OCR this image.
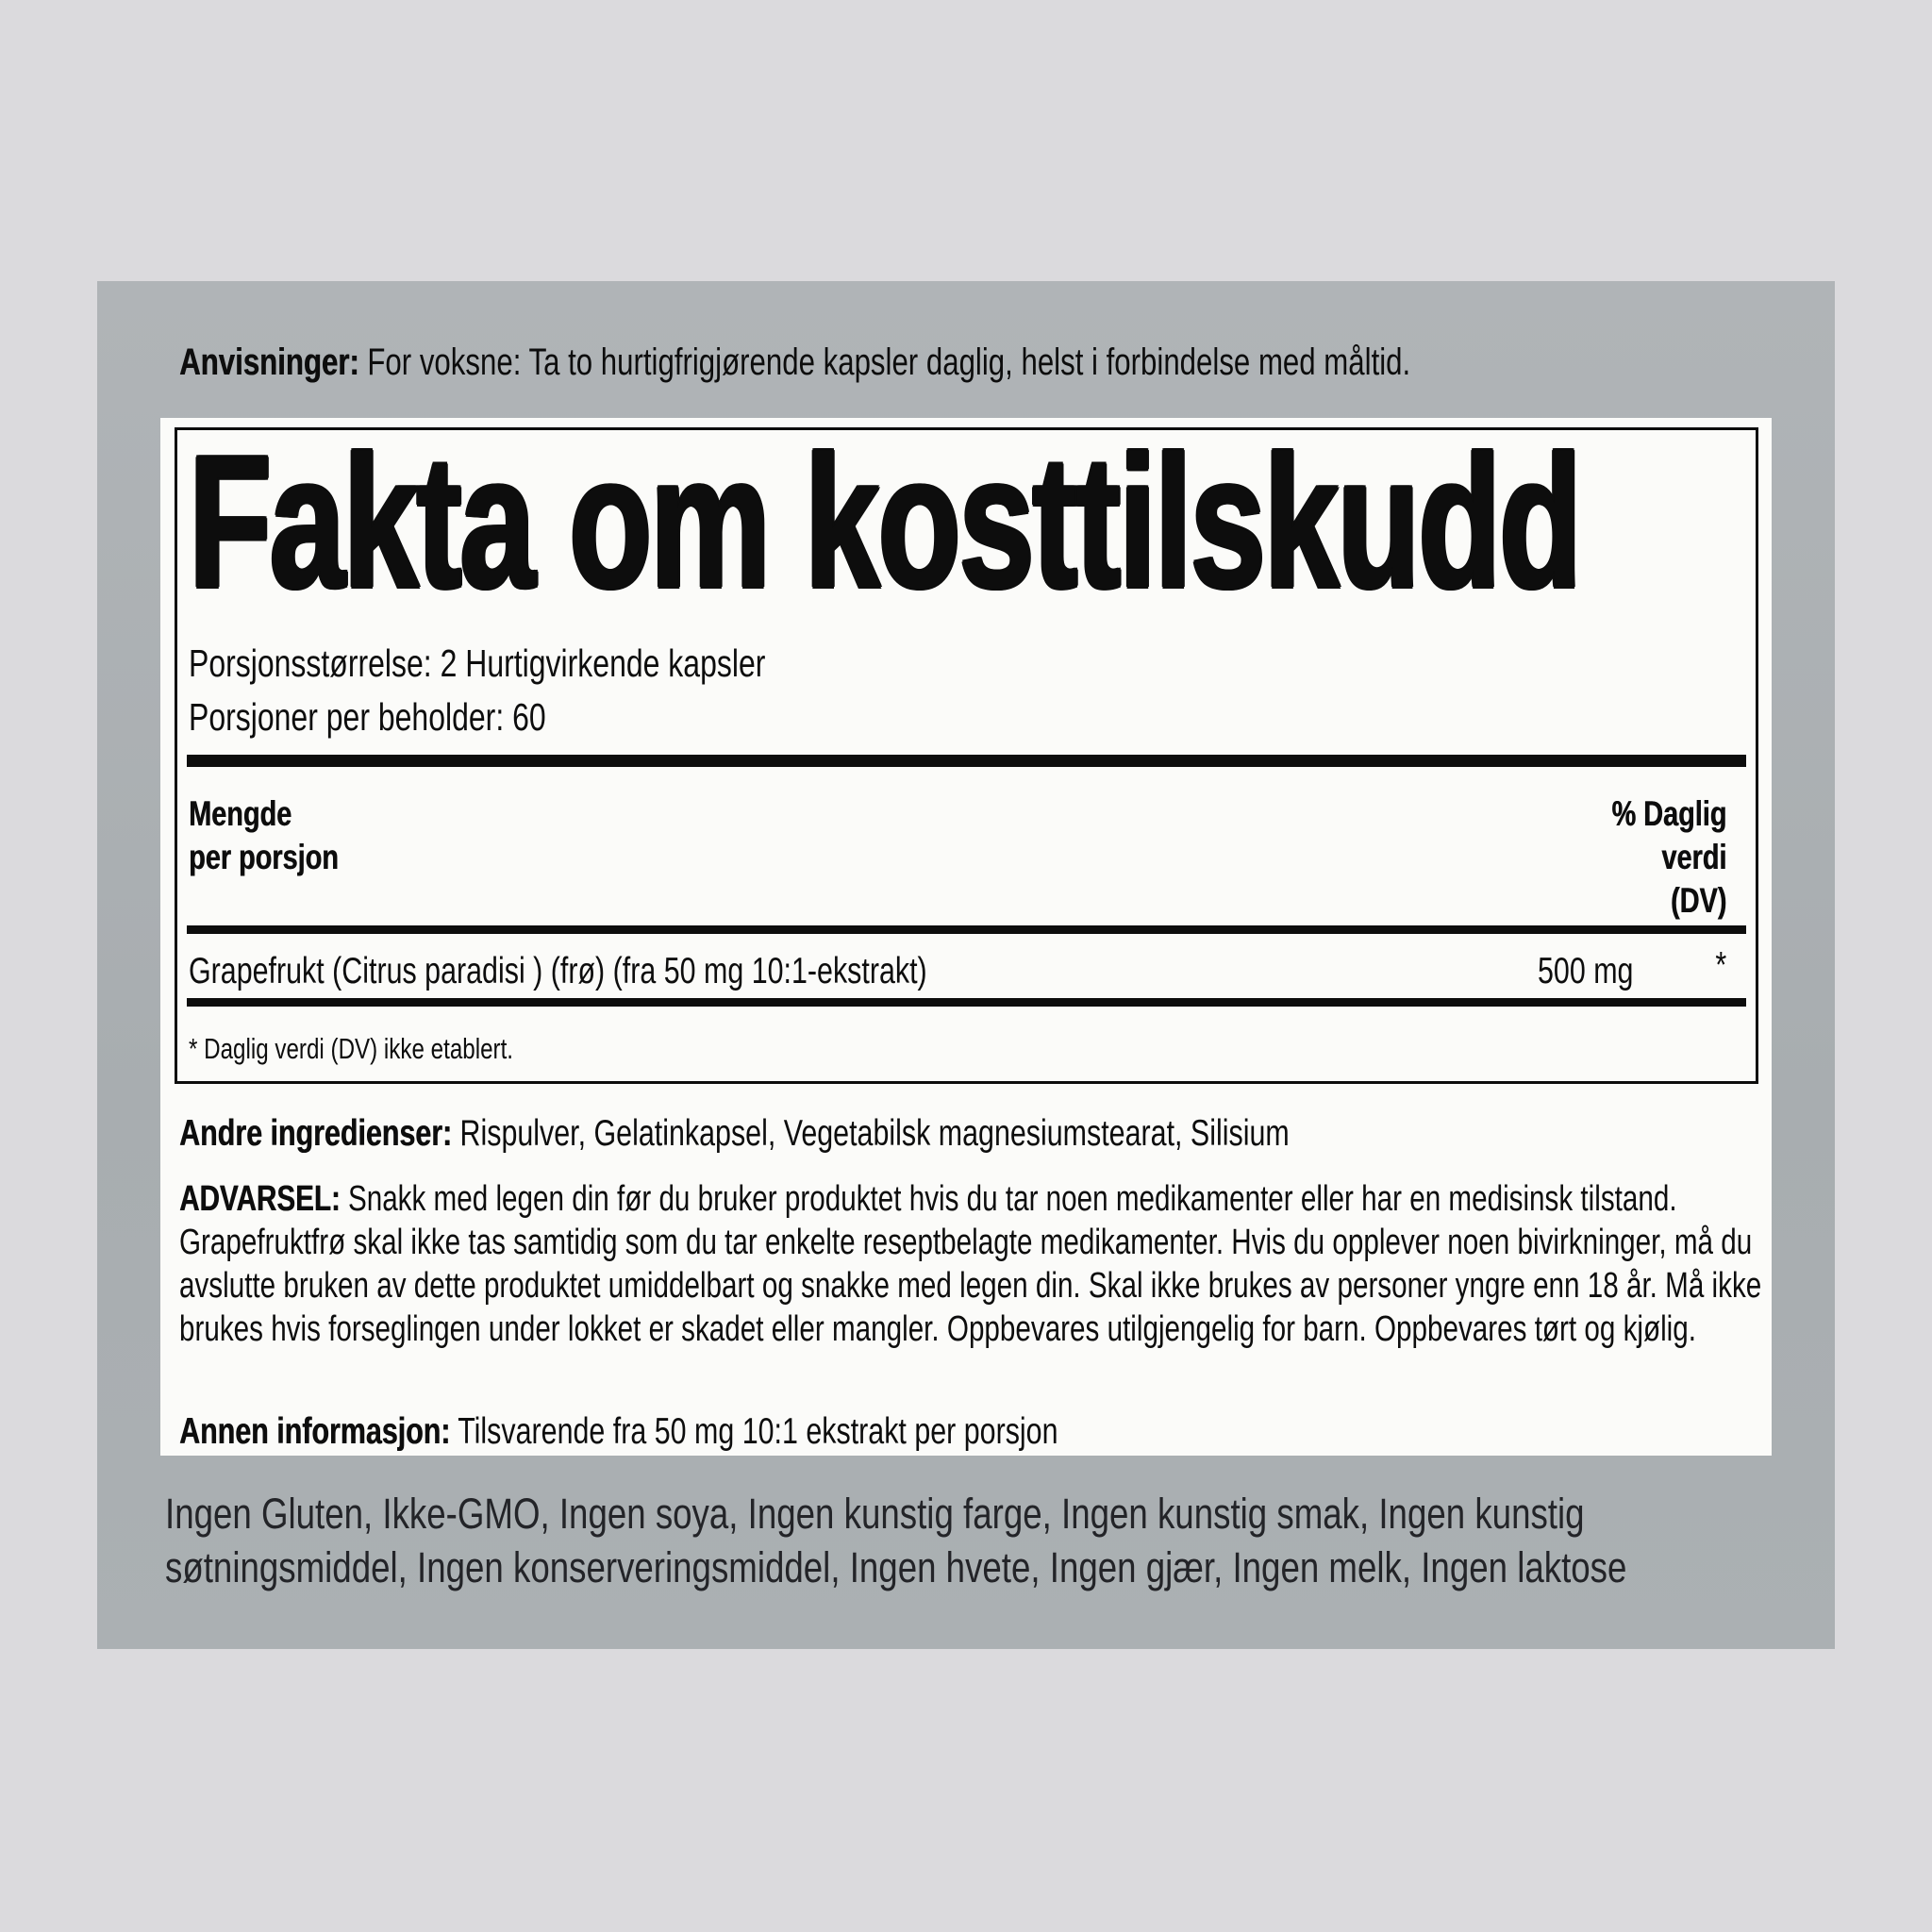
Anvisninger: For voksne: Ta to hurtigfrigjørende kapsler daglig, helst i forbindelse med måltid.
Fakta om kosttilskudd
Porsjonsstørrelse: 2 Hurtigvirkende kapsler
Porsjoner per beholder: 60
Mengde
per porsjon
% Daglig
verdi
(DV)
Grapefrukt (Citrus paradisi ) (frø) (fra 50 mg 10:1-ekstrakt)	500 mg *
* Daglig verdi (DV) ikke etablert.
Andre ingredienser: Rispulver, Gelatinkapsel, Vegetabilsk magnesiumstearat, Silisium
ADVARSEL: Snakk med legen din før du bruker produktet hvis du tar noen medikamenter eller har en medisinsk tilstand. Grapefruktfrø skal ikke tas samtidig som du tar enkelte reseptbelagte medikamenter. Hvis du opplever noen bivirkninger, må du avslutte bruken av dette produktet umiddelbart og snakke med legen din. Skal ikke brukes av personer yngre enn 18 år. Må ikke brukes hvis forseglingen under lokket er skadet eller mangler. Oppbevares utilgjengelig for barn. Oppbevares tørt og kjølig.
Annen informasjon: Tilsvarende fra 50 mg 10:1 ekstrakt per porsjon
Ingen Gluten, Ikke-GMO, Ingen soya, Ingen kunstig farge, Ingen kunstig smak, Ingen kunstig søtningsmiddel, Ingen konserveringsmiddel, Ingen hvete, Ingen gjær, Ingen melk, Ingen laktose
